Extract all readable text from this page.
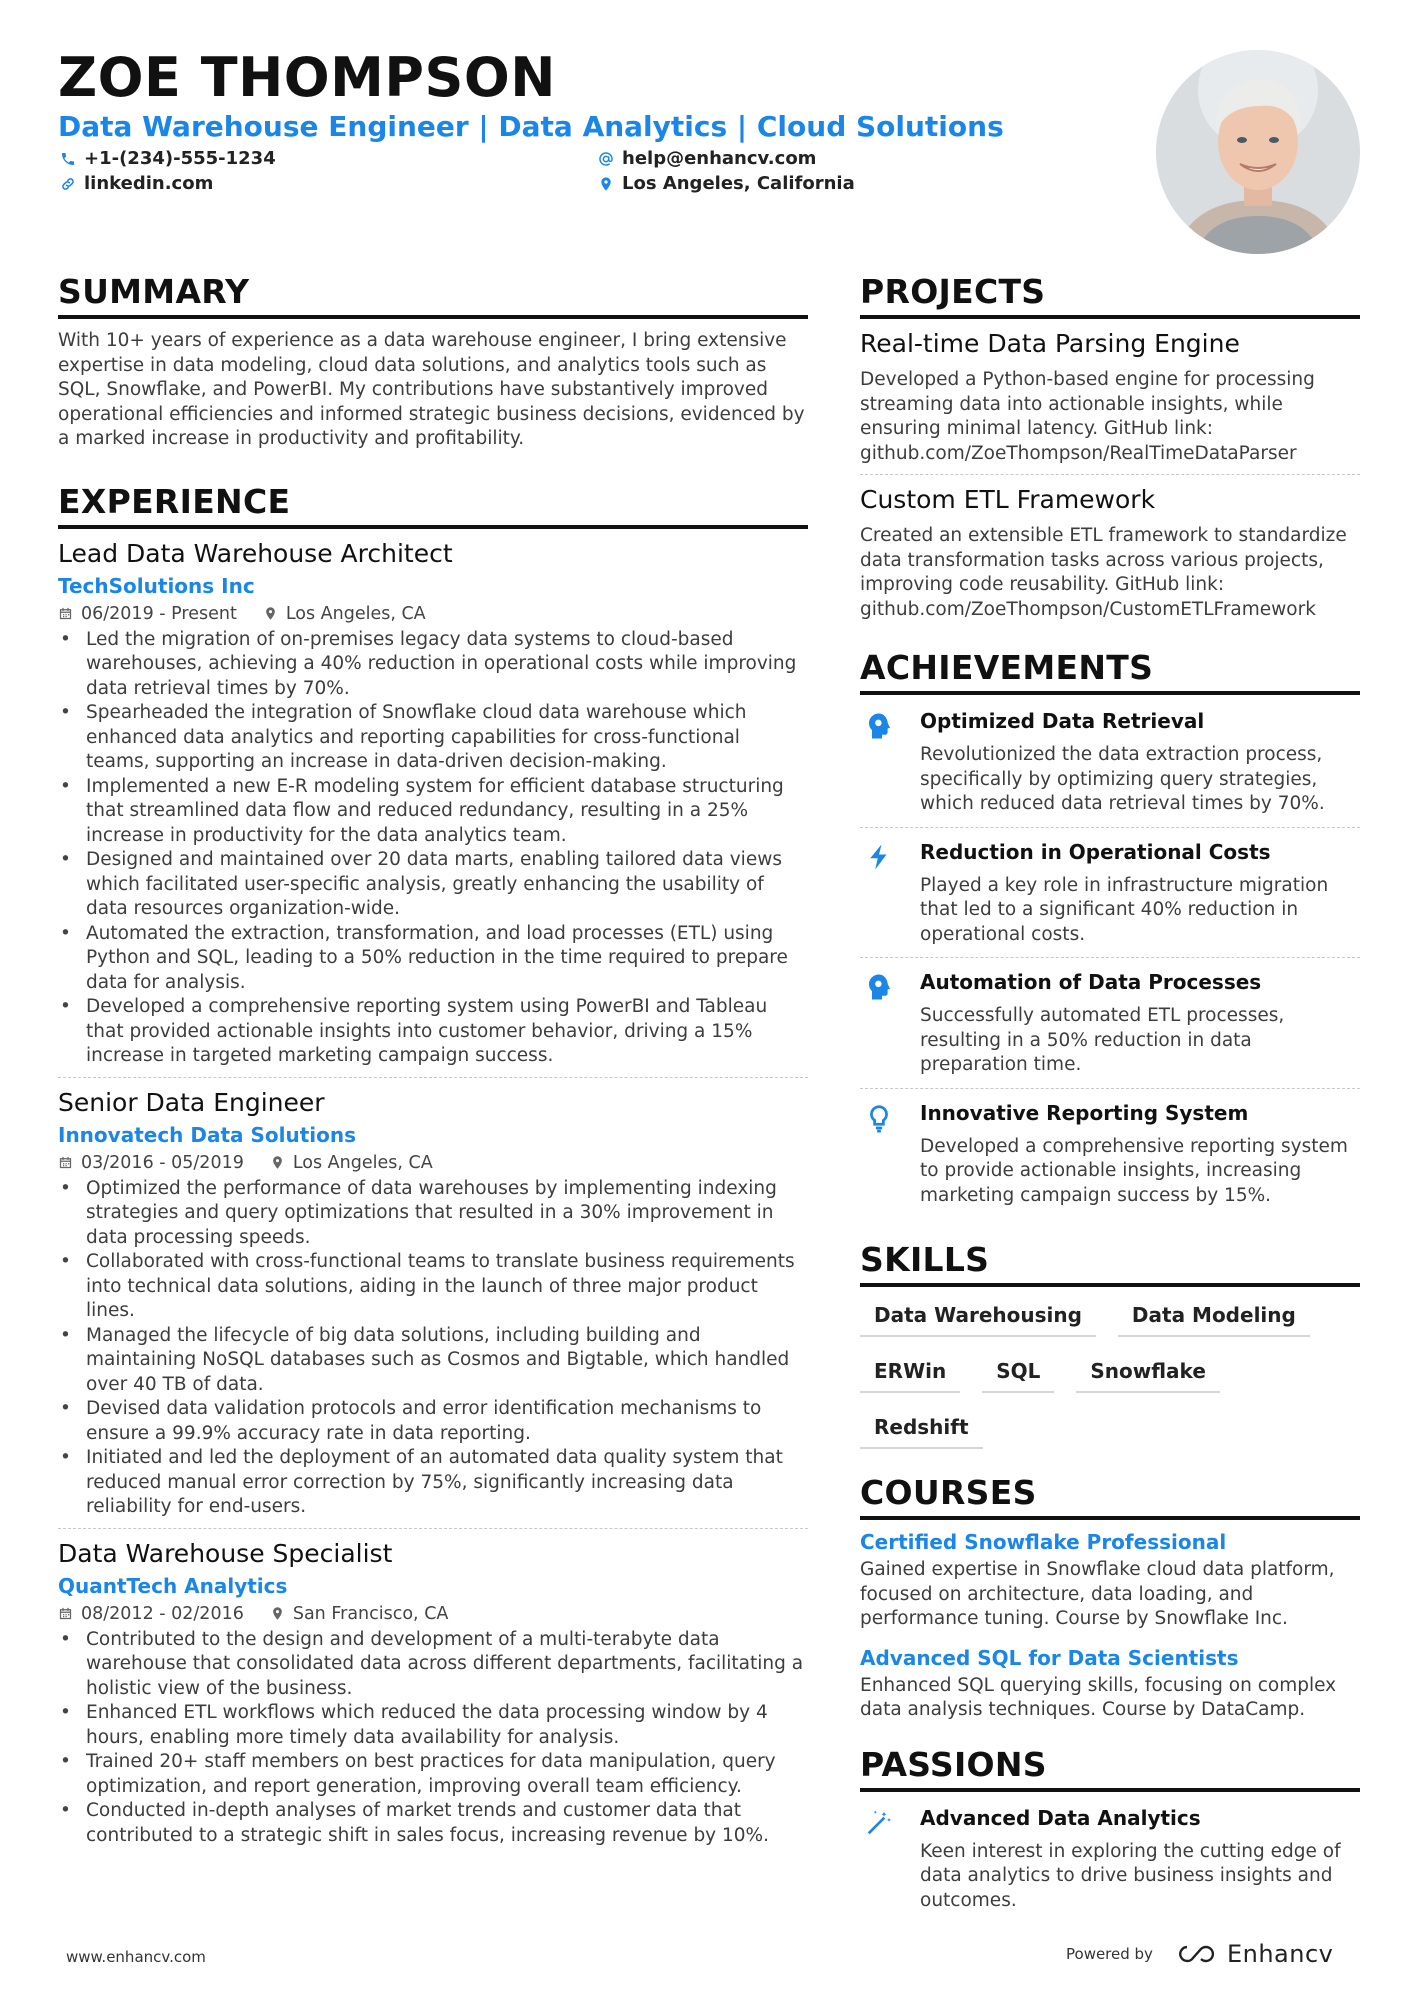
ZOE THOMPSON
Data Warehouse Engineer | Data Analytics | Cloud Solutions
+1-(234)-555-1234
linkedin.com
help@enhancv.com
Los Angeles, California
SUMMARY
With 10+ years of experience as a data warehouse engineer, I bring extensive expertise in data modeling, cloud data solutions, and analytics tools such as SQL, Snowflake, and PowerBI. My contributions have substantively improved operational efficiencies and informed strategic business decisions, evidenced by a marked increase in productivity and profitability.
EXPERIENCE
Lead Data Warehouse Architect
TechSolutions Inc
06/2019 - Present	Los Angeles, CA
• Led the migration of on-premises legacy data systems to cloud-based warehouses, achieving a 40% reduction in operational costs while improving data retrieval times by 70%.
• Spearheaded the integration of Snowflake cloud data warehouse which enhanced data analytics and reporting capabilities for cross-functional teams, supporting an increase in data-driven decision-making.
• Implemented a new E-R modeling system for efficient database structuring that streamlined data flow and reduced redundancy, resulting in a 25% increase in productivity for the data analytics team.
• Designed and maintained over 20 data marts, enabling tailored data views which facilitated user-specific analysis, greatly enhancing the usability of data resources organization-wide.
• Automated the extraction, transformation, and load processes (ETL) using Python and SQL, leading to a 50% reduction in the time required to prepare data for analysis.
• Developed a comprehensive reporting system using PowerBI and Tableau that provided actionable insights into customer behavior, driving a 15% increase in targeted marketing campaign success.
Senior Data Engineer
Innovatech Data Solutions
03/2016 - 05/2019	Los Angeles, CA
• Optimized the performance of data warehouses by implementing indexing strategies and query optimizations that resulted in a 30% improvement in data processing speeds.
• Collaborated with cross-functional teams to translate business requirements into technical data solutions, aiding in the launch of three major product lines.
• Managed the lifecycle of big data solutions, including building and maintaining NoSQL databases such as Cosmos and Bigtable, which handled over 40 TB of data.
• Devised data validation protocols and error identification mechanisms to ensure a 99.9% accuracy rate in data reporting.
• Initiated and led the deployment of an automated data quality system that reduced manual error correction by 75%, significantly increasing data reliability for end-users.
Data Warehouse Specialist
QuantTech Analytics
08/2012 - 02/2016	San Francisco, CA
• Contributed to the design and development of a multi-terabyte data warehouse that consolidated data across different departments, facilitating a holistic view of the business.
• Enhanced ETL workflows which reduced the data processing window by 4 hours, enabling more timely data availability for analysis.
• Trained 20+ staff members on best practices for data manipulation, query optimization, and report generation, improving overall team efficiency.
• Conducted in-depth analyses of market trends and customer data that contributed to a strategic shift in sales focus, increasing revenue by 10%.
PROJECTS
Real-time Data Parsing Engine
Developed a Python-based engine for processing streaming data into actionable insights, while ensuring minimal latency. GitHub link: github.com/ZoeThompson/RealTimeDataParser
Custom ETL Framework
Created an extensible ETL framework to standardize data transformation tasks across various projects, improving code reusability. GitHub link: github.com/ZoeThompson/CustomETLFramework
ACHIEVEMENTS
Optimized Data Retrieval
Revolutionized the data extraction process, specifically by optimizing query strategies, which reduced data retrieval times by 70%.
Reduction in Operational Costs
Played a key role in infrastructure migration that led to a significant 40% reduction in operational costs.
Automation of Data Processes
Successfully automated ETL processes, resulting in a 50% reduction in data preparation time.
Innovative Reporting System
Developed a comprehensive reporting system to provide actionable insights, increasing marketing campaign success by 15%.
SKILLS
Data Warehousing	Data Modeling
ERWin	SQL	Snowflake
Redshift
COURSES
Certified Snowflake Professional
Gained expertise in Snowflake cloud data platform, focused on architecture, data loading, and performance tuning. Course by Snowflake Inc.
Advanced SQL for Data Scientists
Enhanced SQL querying skills, focusing on complex data analysis techniques. Course by DataCamp.
PASSIONS
Advanced Data Analytics
Keen interest in exploring the cutting edge of data analytics to drive business insights and outcomes.
www.enhancv.com	Powered by	Enhancv
